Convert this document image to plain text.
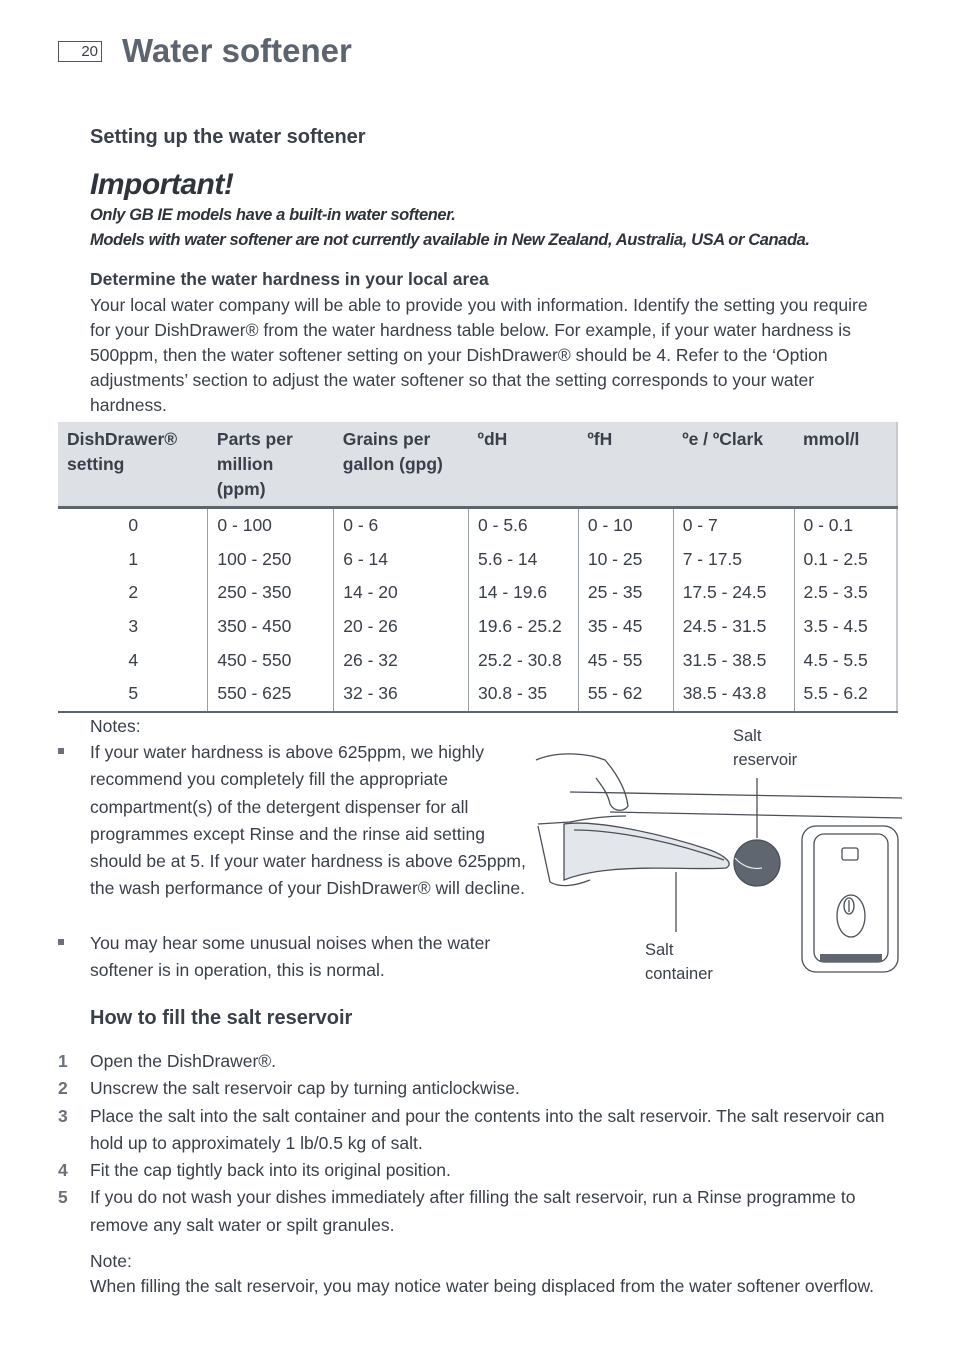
20 Water softener
Setting up the water softener
Important!
Only GB IE models have a built-in water softener.
Models with water softener are not currently available in New Zealand, Australia, USA or Canada.
Determine the water hardness in your local area
Your local water company will be able to provide you with information. Identify the setting you require for your DishDrawer® from the water hardness table below. For example, if your water hardness is 500ppm, then the water softener setting on your DishDrawer® should be 4. Refer to the ‘Option adjustments’ section to adjust the water softener so that the setting corresponds to your water hardness.
DishDrawer® setting	Parts per million (ppm)	Grains per gallon (gpg)	ºdH	ºfH	ºe / ºClark	mmol/l
0	0 - 100	0 - 6	0 - 5.6	0 - 10	0 - 7	0 - 0.1
1	100 - 250	6 - 14	5.6 - 14	10 - 25	7 - 17.5	0.1 - 2.5
2	250 - 350	14 - 20	14 - 19.6	25 - 35	17.5 - 24.5	2.5 - 3.5
3	350 - 450	20 - 26	19.6 - 25.2	35 - 45	24.5 - 31.5	3.5 - 4.5
4	450 - 550	26 - 32	25.2 - 30.8	45 - 55	31.5 - 38.5	4.5 - 5.5
5	550 - 625	32 - 36	30.8 - 35	55 - 62	38.5 - 43.8	5.5 - 6.2
Notes:
If your water hardness is above 625ppm, we highly recommend you completely fill the appropriate compartment(s) of the detergent dispenser for all programmes except Rinse and the rinse aid setting should be at 5. If your water hardness is above 625ppm, the wash performance of your DishDrawer® will decline.
You may hear some unusual noises when the water softener is in operation, this is normal.
Salt
reservoir
Salt
container
How to fill the salt reservoir
1 Open the DishDrawer®.
2 Unscrew the salt reservoir cap by turning anticlockwise.
3 Place the salt into the salt container and pour the contents into the salt reservoir. The salt reservoir can hold up to approximately 1 lb/0.5 kg of salt.
4 Fit the cap tightly back into its original position.
5 If you do not wash your dishes immediately after filling the salt reservoir, run a Rinse programme to remove any salt water or spilt granules.
Note:
When filling the salt reservoir, you may notice water being displaced from the water softener overflow.
